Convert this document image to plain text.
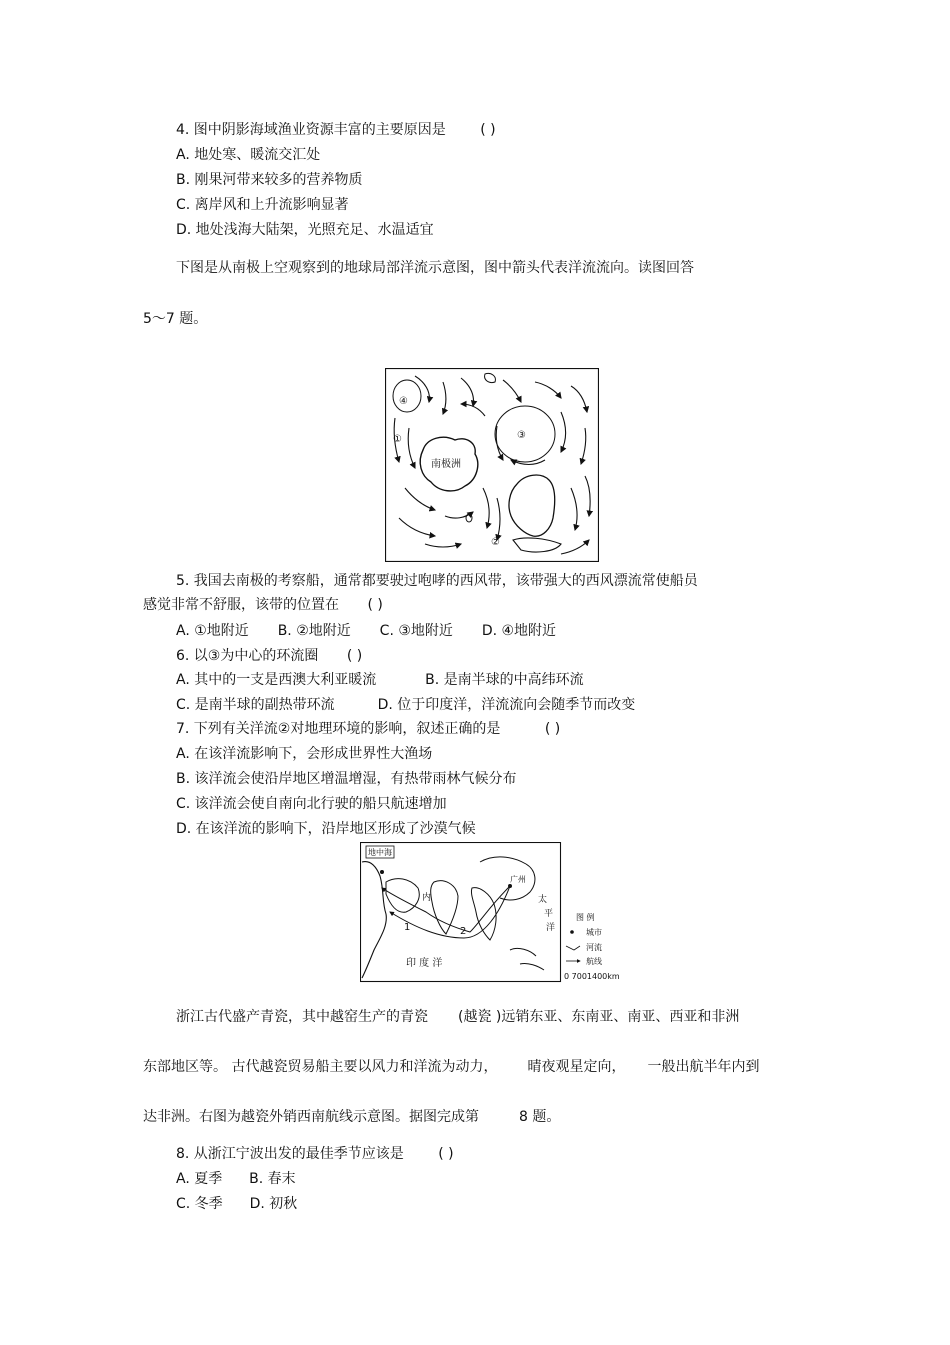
4. 图中阴影海域渔业资源丰富的主要原因是 ( )
A. 地处寒、暖流交汇处
B. 刚果河带来较多的营养物质
C. 离岸风和上升流影响显著
D. 地处浅海大陆架，光照充足、水温适宜
下图是从南极上空观察到的地球局部洋流示意图，图中箭头代表洋流流向。读图回答
5～7 题。
南极洲
④
①	③
②
5. 我国去南极的考察船，通常都要驶过咆哮的西风带，该带强大的西风漂流常使船员
感觉非常不舒服，该带的位置在 ( )
A. ①地附近 B. ②地附近 C. ③地附近 D. ④地附近
6. 以③为中心的环流圈 ( )
A. 其中的一支是西澳大利亚暖流	B. 是南半球的中高纬环流
C. 是南半球的副热带环流	D. 位于印度洋，洋流流向会随季节而改变
7. 下列有关洋流②对地理环境的影响，叙述正确的是	( )
A. 在该洋流影响下，会形成世界性大渔场
B. 该洋流会使沿岸地区增温增湿，有热带雨林气候分布
C. 该洋流会使自南向北行驶的船只航速增加
D. 在该洋流的影响下，沿岸地区形成了沙漠气候
地中海
广州
太
平
洋
印 度 洋
1	2
内
图 例
城市
河流
航线
0 7001400km
浙江古代盛产青瓷，其中越窑生产的青瓷 (越瓷 )远销东亚、东南亚、南亚、西亚和非洲
东部地区等。 古代越瓷贸易船主要以风力和洋流为动力， 晴夜观星定向， 一般出航半年内到
达非洲。右图为越瓷外销西南航线示意图。据图完成第	8 题。
8. 从浙江宁波出发的最佳季节应该是 ( )
A. 夏季 B. 春末
C. 冬季 D. 初秋
